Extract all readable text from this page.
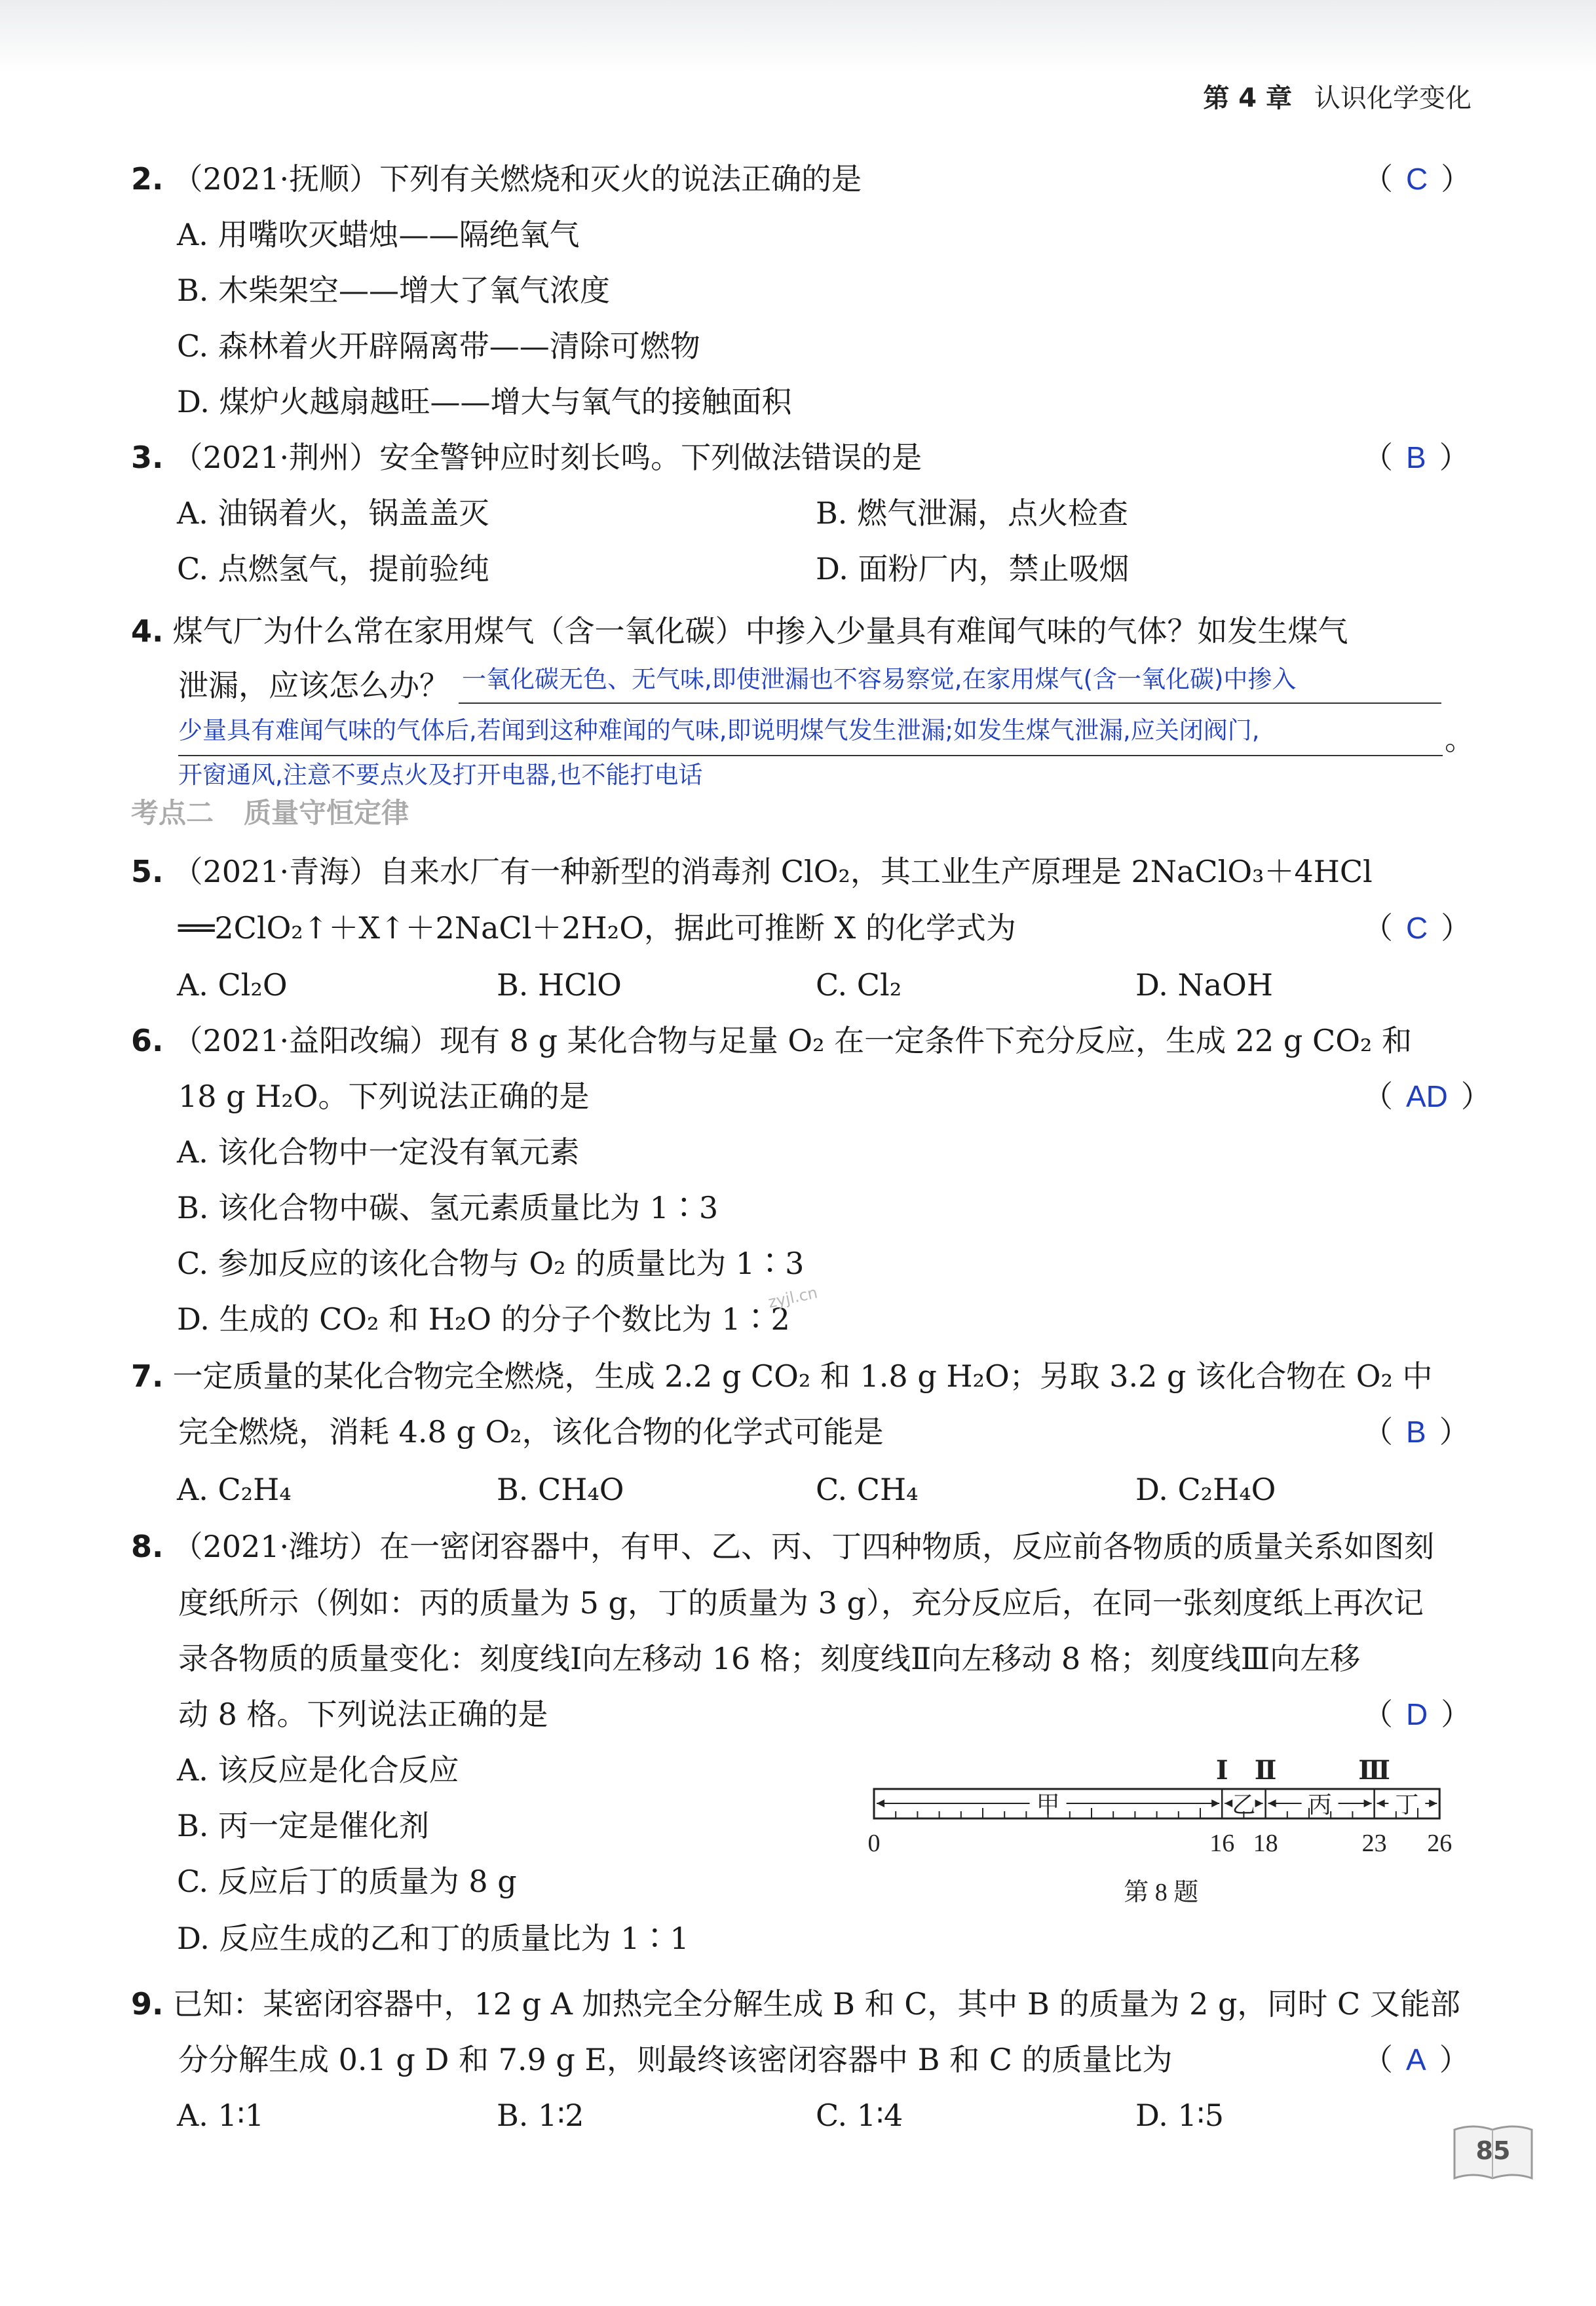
第 4 章 认识化学变化
2. （2021·抚顺）下列有关燃烧和灭火的说法正确的是	（ C ）
A. 用嘴吹灭蜡烛——隔绝氧气
B. 木柴架空——增大了氧气浓度
C. 森林着火开辟隔离带——清除可燃物
D. 煤炉火越扇越旺——增大与氧气的接触面积
3. （2021·荆州）安全警钟应时刻长鸣。下列做法错误的是	（ B ）
A. 油锅着火，锅盖盖灭	B. 燃气泄漏，点火检查
C. 点燃氢气，提前验纯	D. 面粉厂内，禁止吸烟
4. 煤气厂为什么常在家用煤气（含一氧化碳）中掺入少量具有难闻气味的气体？如发生煤气
泄漏，应该怎么办？ 一氧化碳无色、无气味,即使泄漏也不容易察觉,在家用煤气(含一氧化碳)中掺入
少量具有难闻气味的气体后,若闻到这种难闻的气味,即说明煤气发生泄漏;如发生煤气泄漏,应关闭阀门,
开窗通风,注意不要点火及打开电器,也不能打电话
。
考点二 质量守恒定律
5. （2021·青海）自来水厂有一种新型的消毒剂 ClO₂，其工业生产原理是 2NaClO₃＋4HCl
══2ClO₂↑＋X↑＋2NaCl＋2H₂O，据此可推断 X 的化学式为	（ C ）
A. Cl₂O	B. HClO	C. Cl₂	D. NaOH
6. （2021·益阳改编）现有 8 g 某化合物与足量 O₂ 在一定条件下充分反应，生成 22 g CO₂ 和
18 g H₂O。下列说法正确的是	（ AD ）
A. 该化合物中一定没有氧元素
B. 该化合物中碳、氢元素质量比为 1∶3
C. 参加反应的该化合物与 O₂ 的质量比为 1∶3
D. 生成的 CO₂ 和 H₂O 的分子个数比为 1∶2
zyjl.cn
7. 一定质量的某化合物完全燃烧，生成 2.2 g CO₂ 和 1.8 g H₂O；另取 3.2 g 该化合物在 O₂ 中
完全燃烧，消耗 4.8 g O₂，该化合物的化学式可能是	（ B ）
A. C₂H₄	B. CH₄O	C. CH₄	D. C₂H₄O
8. （2021·潍坊）在一密闭容器中，有甲、乙、丙、丁四种物质，反应前各物质的质量关系如图刻
度纸所示（例如：丙的质量为 5 g，丁的质量为 3 g），充分反应后，在同一张刻度纸上再次记
录各物质的质量变化：刻度线Ⅰ向左移动 16 格；刻度线Ⅱ向左移动 8 格；刻度线Ⅲ向左移
动 8 格。下列说法正确的是	（ D ）
A. 该反应是化合反应
B. 丙一定是催化剂
C. 反应后丁的质量为 8 g
D. 反应生成的乙和丁的质量比为 1∶1
0	16 18	23 26
甲	乙 丙	丁
Ⅰ Ⅱ	Ⅲ
第 8 题
9. 已知：某密闭容器中，12 g A 加热完全分解生成 B 和 C，其中 B 的质量为 2 g，同时 C 又能部
分分解生成 0.1 g D 和 7.9 g E，则最终该密闭容器中 B 和 C 的质量比为	（ A ）
A. 1∶1	B. 1∶2	C. 1∶4	D. 1∶5
85
